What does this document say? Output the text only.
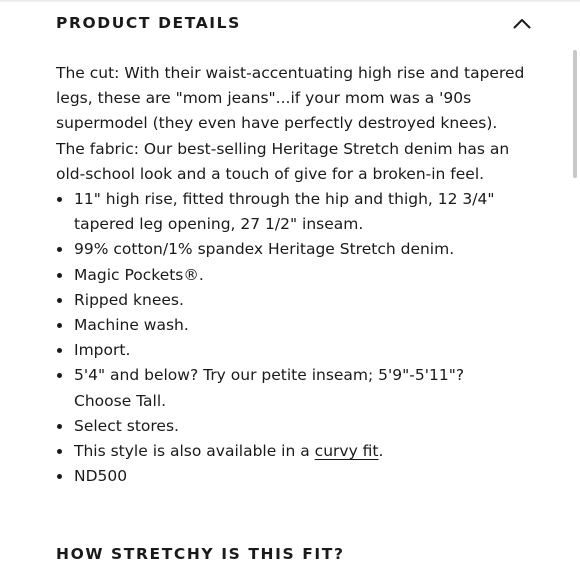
PRODUCT DETAILS

The cut: With their waist-accentuating high rise and tapered legs, these are "mom jeans"...if your mom was a '90s supermodel (they even have perfectly destroyed knees). The fabric: Our best-selling Heritage Stretch denim has an old-school look and a touch of give for a broken-in feel.

11" high rise, fitted through the hip and thigh, 12 3/4" tapered leg opening, 27 1/2" inseam.
99% cotton/1% spandex Heritage Stretch denim.
Magic Pockets®.
Ripped knees.
Machine wash.
Import.
5'4" and below? Try our petite inseam; 5'9"-5'11"? Choose Tall.
Select stores.
This style is also available in a curvy fit.
ND500
HOW STRETCHY IS THIS FIT?
